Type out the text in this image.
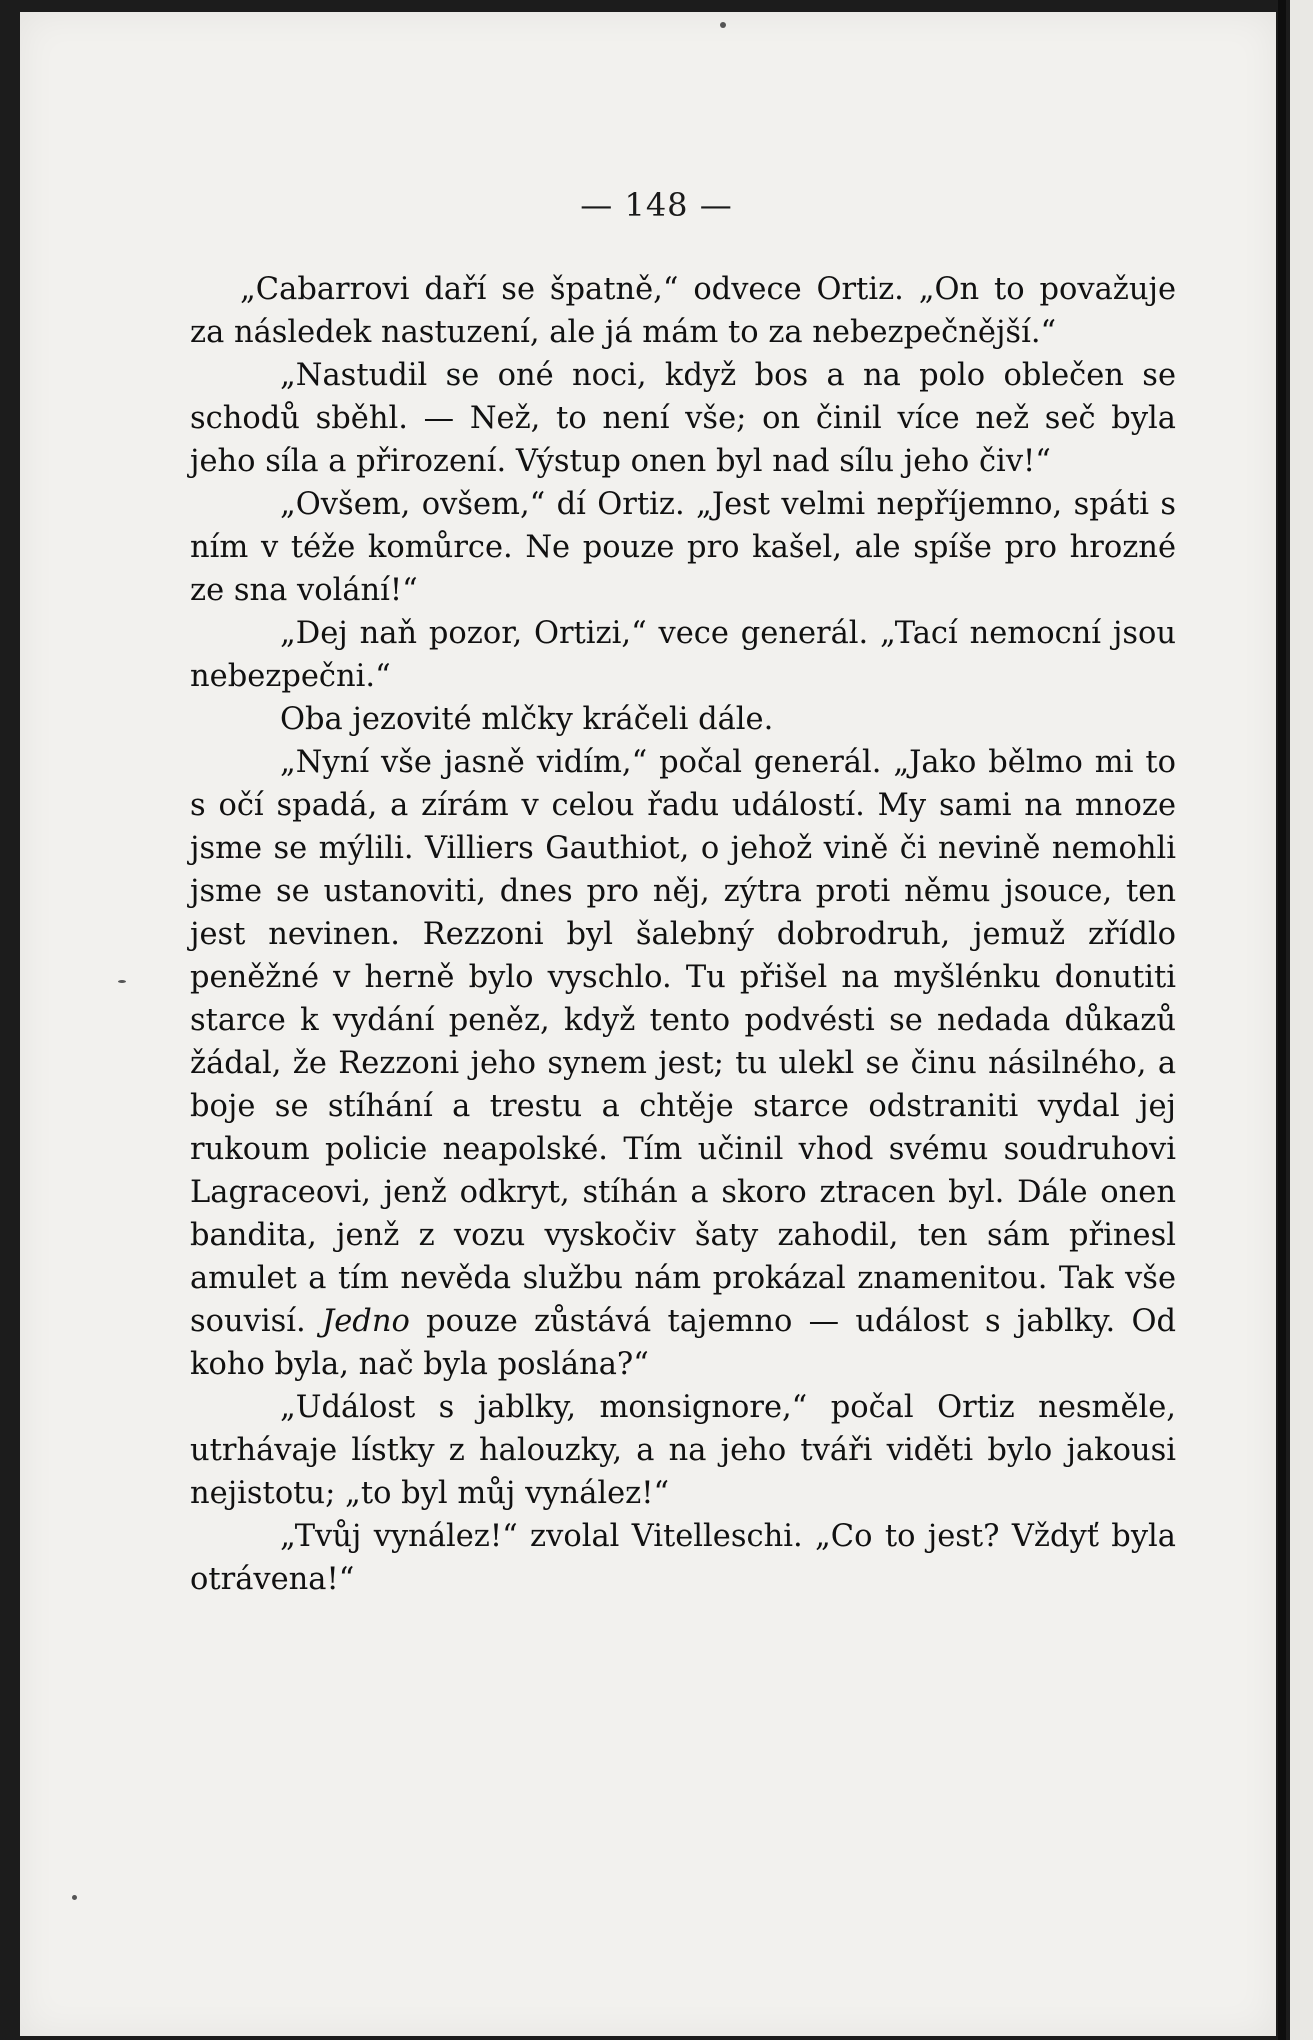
— 148 —

„Cabarrovi daří se špatně,“ odvece Ortiz. „On to považuje za následek nastuzení, ale já mám to za nebezpečnější.“

„Nastudil se oné noci, když bos a na polo oblečen se schodů sběhl. — Než, to není vše; on činil více než seč byla jeho síla a přirození. Výstup onen byl nad sílu jeho čiv!“

„Ovšem, ovšem,“ dí Ortiz. „Jest velmi nepříjemno, spáti s ním v téže komůrce. Ne pouze pro kašel, ale spíše pro hrozné ze sna volání!“

„Dej naň pozor, Ortizi,“ vece generál. „Tací nemocní jsou nebezpečni.“

Oba jezovité mlčky kráčeli dále.

„Nyní vše jasně vidím,“ počal generál. „Jako bělmo mi to s očí spadá, a zírám v celou řadu událostí. My sami na mnoze jsme se mýlili. Villiers Gauthiot, o jehož vině či nevině nemohli jsme se ustanoviti, dnes pro něj, zýtra proti němu jsouce, ten jest nevinen. Rezzoni byl šalebný dobrodruh, jemuž zřídlo peněžné v herně bylo vyschlo. Tu přišel na myšlénku donutiti starce k vydání peněz, když tento podvésti se nedada důkazů žádal, že Rezzoni jeho synem jest; tu ulekl se činu násilného, a boje se stíhání a trestu a chtěje starce odstraniti vydal jej rukoum policie neapolské. Tím učinil vhod svému soudruhovi Lagraceovi, jenž odkryt, stíhán a skoro ztracen byl. Dále onen bandita, jenž z vozu vyskočiv šaty zahodil, ten sám přinesl amulet a tím nevěda službu nám prokázal znamenitou. Tak vše souvisí. Jedno pouze zůstává tajemno — událost s jablky. Od koho byla, nač byla poslána?“

„Událost s jablky, monsignore,“ počal Ortiz nesměle, utrhávaje lístky z halouzky, a na jeho tváři viděti bylo jakousi nejistotu; „to byl můj vynález!“

„Tvůj vynález!“ zvolal Vitelleschi. „Co to jest? Vždyť byla otrávena!“
